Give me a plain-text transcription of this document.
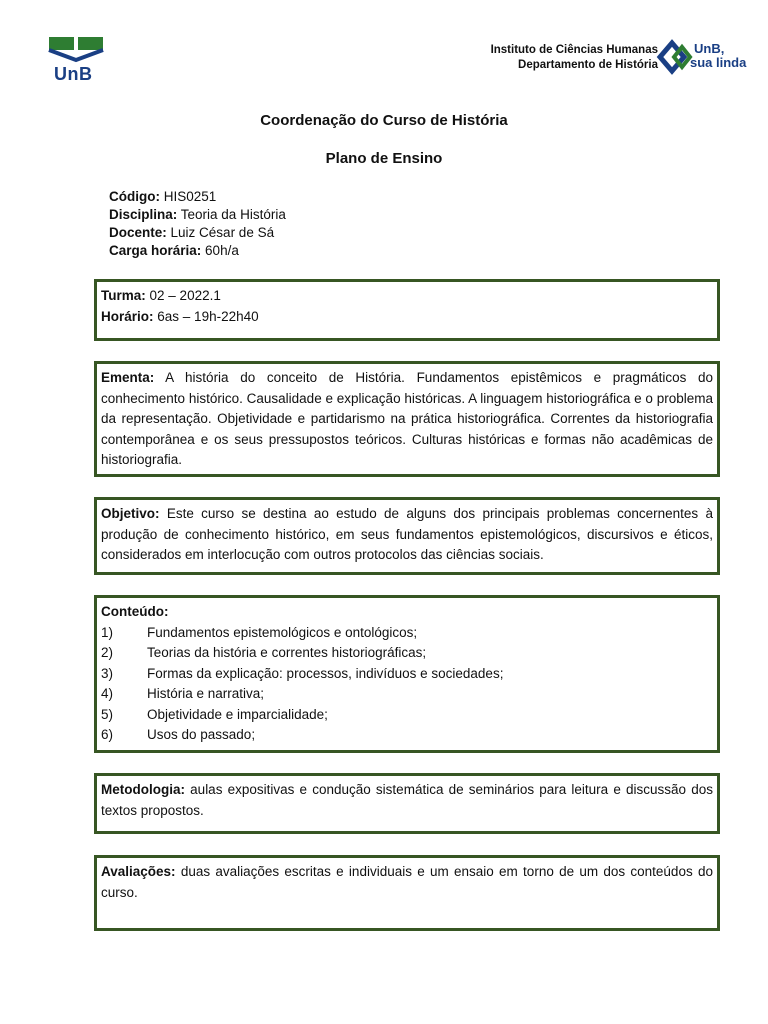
UnB
Instituto de Ciências Humanas
Departamento de História
UnB,
sua linda
Coordenação do Curso de História
Plano de Ensino
Código: HIS0251
Disciplina: Teoria da História
Docente: Luiz César de Sá
Carga horária: 60h/a
Turma: 02 – 2022.1
Horário: 6as – 19h-22h40
Ementa: A história do conceito de História. Fundamentos epistêmicos e pragmáticos do conhecimento histórico. Causalidade e explicação históricas. A linguagem historiográfica e o problema da representação. Objetividade e partidarismo na prática historiográfica. Correntes da historiografia contemporânea e os seus pressupostos teóricos. Culturas históricas e formas não acadêmicas de historiografia.
Objetivo: Este curso se destina ao estudo de alguns dos principais problemas concernentes à produção de conhecimento histórico, em seus fundamentos epistemológicos, discursivos e éticos, considerados em interlocução com outros protocolos das ciências sociais.
Conteúdo:
1)	Fundamentos epistemológicos e ontológicos;
2)	Teorias da história e correntes historiográficas;
3)	Formas da explicação: processos, indivíduos e sociedades;
4)	História e narrativa;
5)	Objetividade e imparcialidade;
6)	Usos do passado;
Metodologia: aulas expositivas e condução sistemática de seminários para leitura e discussão dos textos propostos.
Avaliações: duas avaliações escritas e individuais e um ensaio em torno de um dos conteúdos do curso.
